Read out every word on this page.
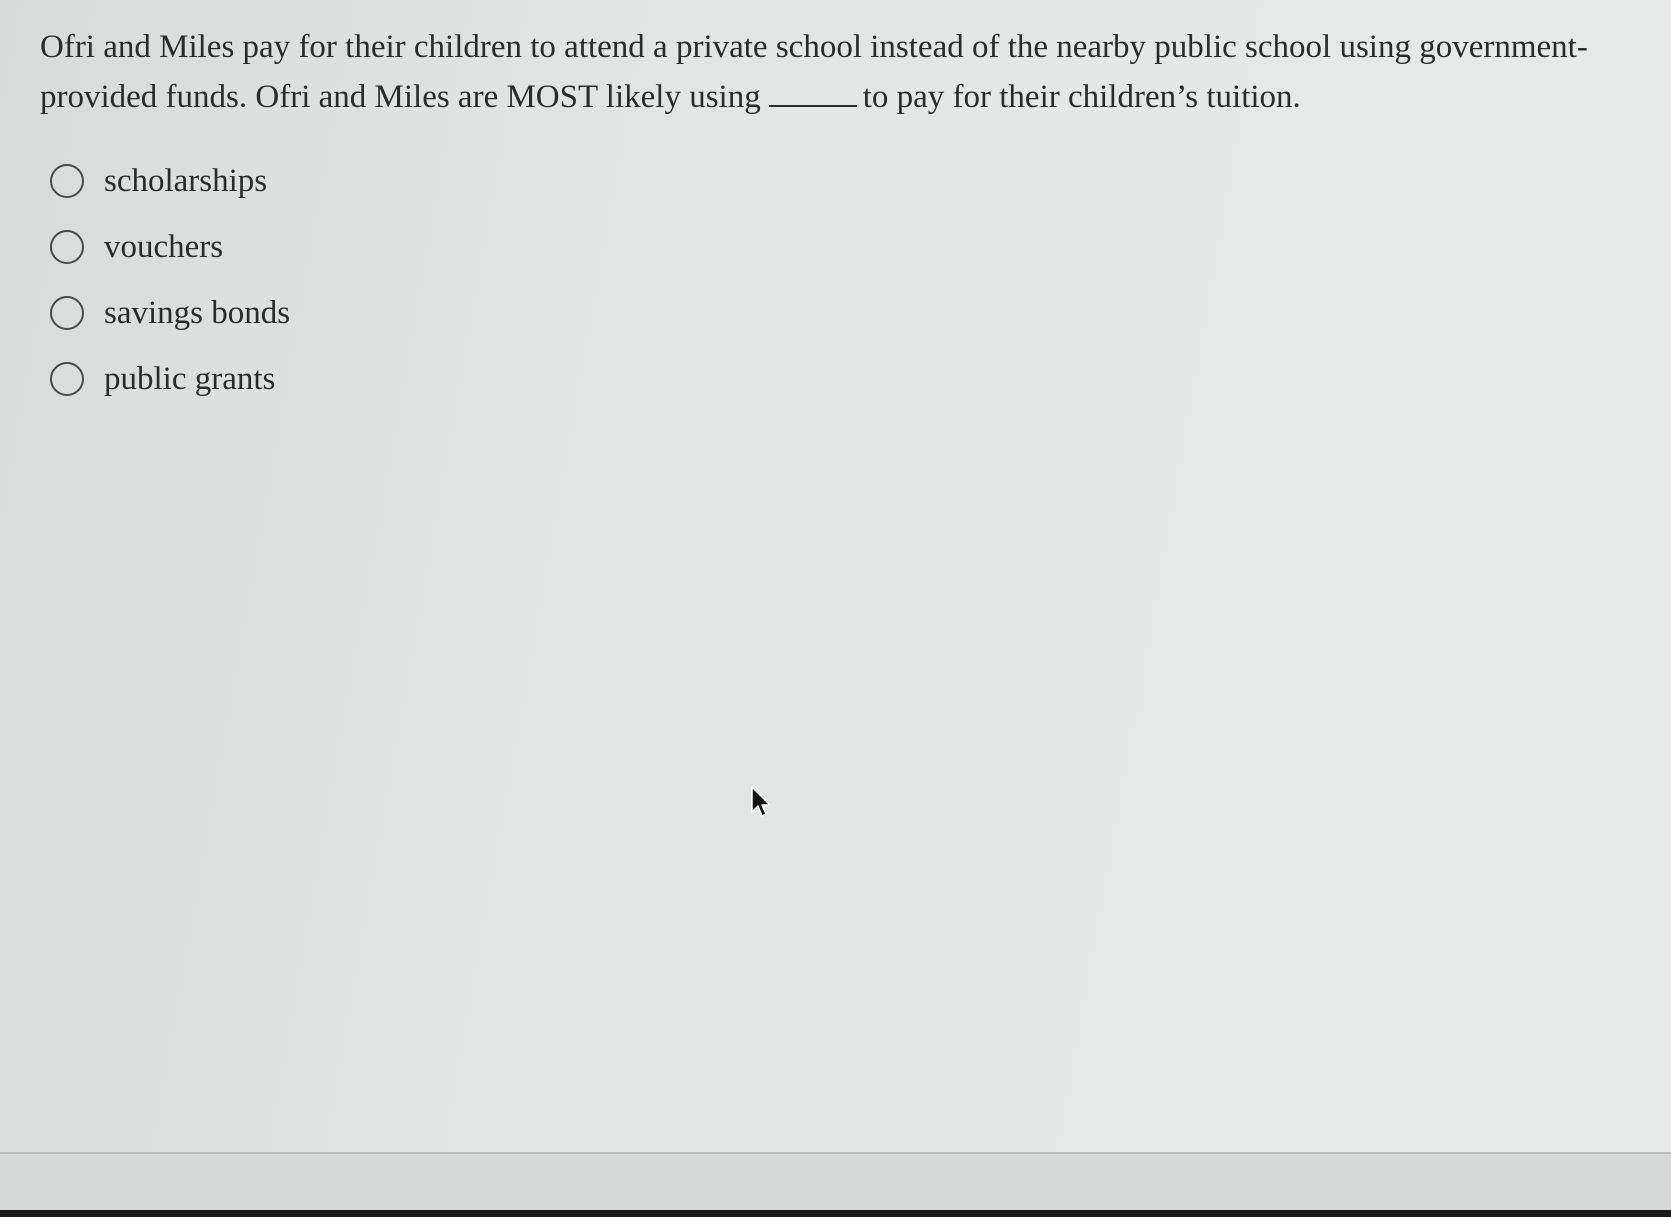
Ofri and Miles pay for their children to attend a private school instead of the nearby public school using government-provided funds. Ofri and Miles are MOST likely using	to pay for their children’s tuition.
scholarships
vouchers
savings bonds
public grants
